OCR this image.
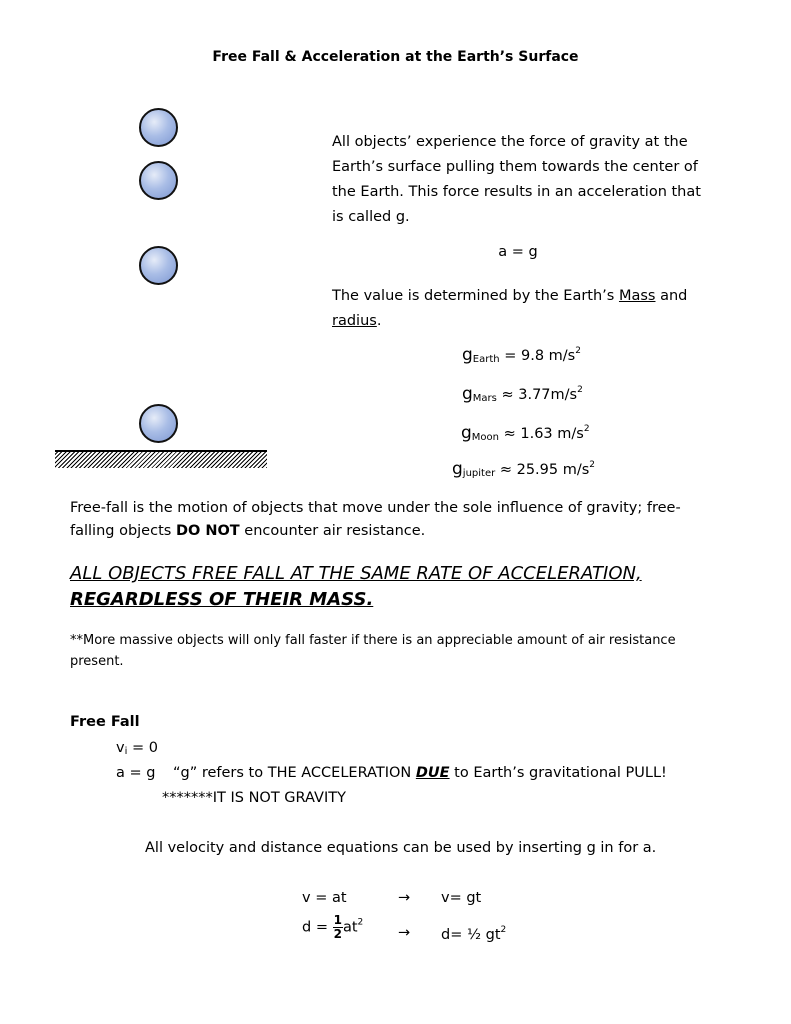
Free Fall & Acceleration at the Earth’s Surface
All objects’ experience the force of gravity at the
Earth’s surface pulling them towards the center of
the Earth. This force results in an acceleration that
is called g.
a = g
The value is determined by the Earth’s Mass and
radius.
$g_{Earth} = 9.8$ $m/s^2$
$g_{Mars} \approx 3.77m/s^2$
$g_{Moon} \approx 1.63$ $m/s^2$
$g_{jupiter} \approx 25.95$ $m/s^2$
Free-fall is the motion of objects that move under the sole influence of gravity; free-
falling objects DO NOT encounter air resistance.
ALL OBJECTS FREE FALL AT THE SAME RATE OF ACCELERATION,
REGARDLESS OF THEIR MASS.
**More massive objects will only fall faster if there is an appreciable amount of air resistance
present.
Free Fall
$v_i = 0$
a = g “g” refers to THE ACCELERATION DUE to Earth’s gravitational PULL!
*******IT IS NOT GRAVITY
All velocity and distance equations can be used by inserting g in for a.
v = at	→ v= gt
$d = \frac{1}{2} at^2$
→ d= ½ $gt^2$
